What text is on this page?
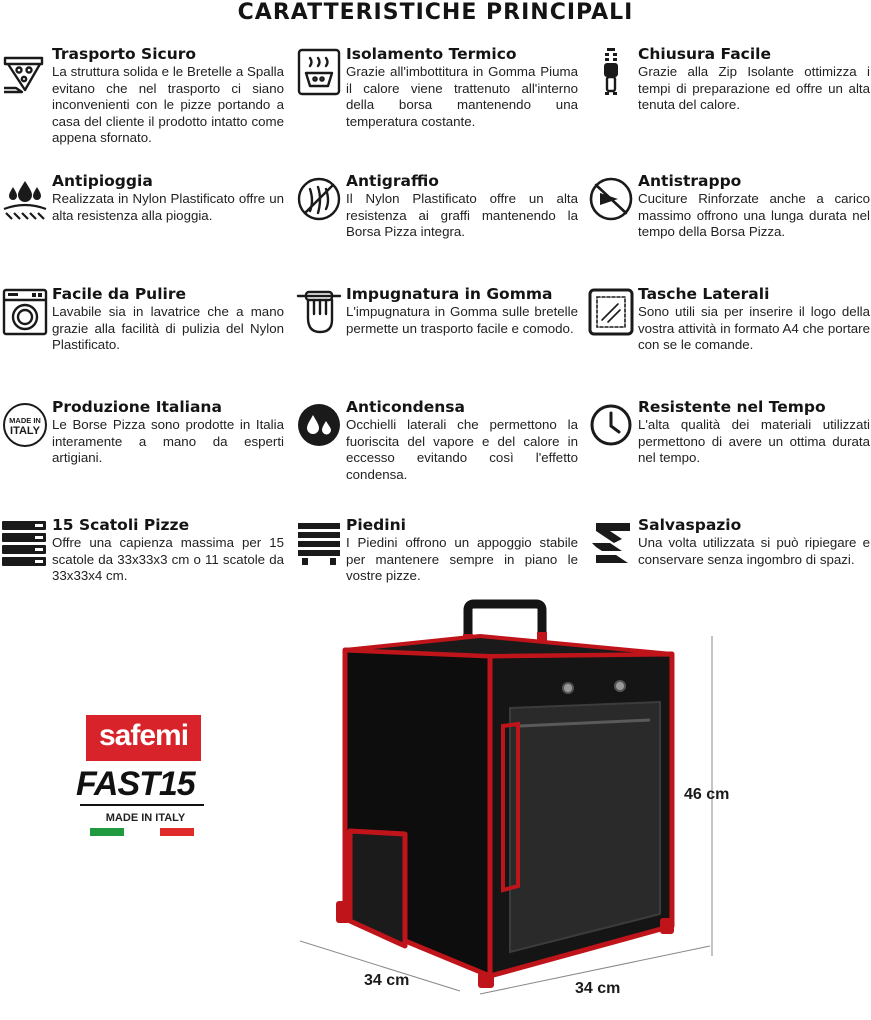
CARATTERISTICHE PRINCIPALI
Trasporto Sicuro

La struttura solida e le Bretelle a Spalla evitano che nel trasporto ci siano inconvenienti con le pizze portando a casa del cliente il prodotto intatto come appena sfornato.

Isolamento Termico

Grazie all'imbottitura in Gomma Piuma il calore viene trattenuto all'interno della borsa mantenendo una temperatura costante.

Chiusura Facile

Grazie alla Zip Isolante ottimizza i tempi di preparazione ed offre un alta tenuta del calore.

Antipioggia

Realizzata in Nylon Plastificato offre un alta resistenza alla pioggia.

Antigraffio

Il Nylon Plastificato offre un alta resistenza ai graffi mantenendo la Borsa Pizza integra.

Antistrappo

Cuciture Rinforzate anche a carico massimo offrono una lunga durata nel tempo della Borsa Pizza.

Facile da Pulire

Lavabile sia in lavatrice che a mano grazie alla facilità di pulizia del Nylon Plastificato.

Impugnatura in Gomma

L'impugnatura in Gomma sulle bretelle permette un trasporto facile e comodo.

Tasche Laterali

Sono utili sia per inserire il logo della vostra attività in formato A4 che portare con se le comande.

MADE IN
ITALY
Produzione Italiana

Le Borse Pizza sono prodotte in Italia interamente a mano da esperti artigiani.

Anticondensa

Occhielli laterali che permettono la fuoriscita del vapore e del calore in eccesso evitando così l'effetto condensa.

Resistente nel Tempo

L'alta qualità dei materiali utilizzati permettono di avere un ottima durata nel tempo.

15 Scatoli Pizze

Offre una capienza massima per 15 scatole da 33x33x3 cm o 11 scatole da 33x33x4 cm.

Piedini

I Piedini offrono un appoggio stabile per mantenere sempre in piano le vostre pizze.

Salvaspazio

Una volta utilizzata si può ripiegare e conservare senza ingombro di spazi.

safemi
FAST15
MADE IN ITALY
46 cm
34 cm	34 cm
